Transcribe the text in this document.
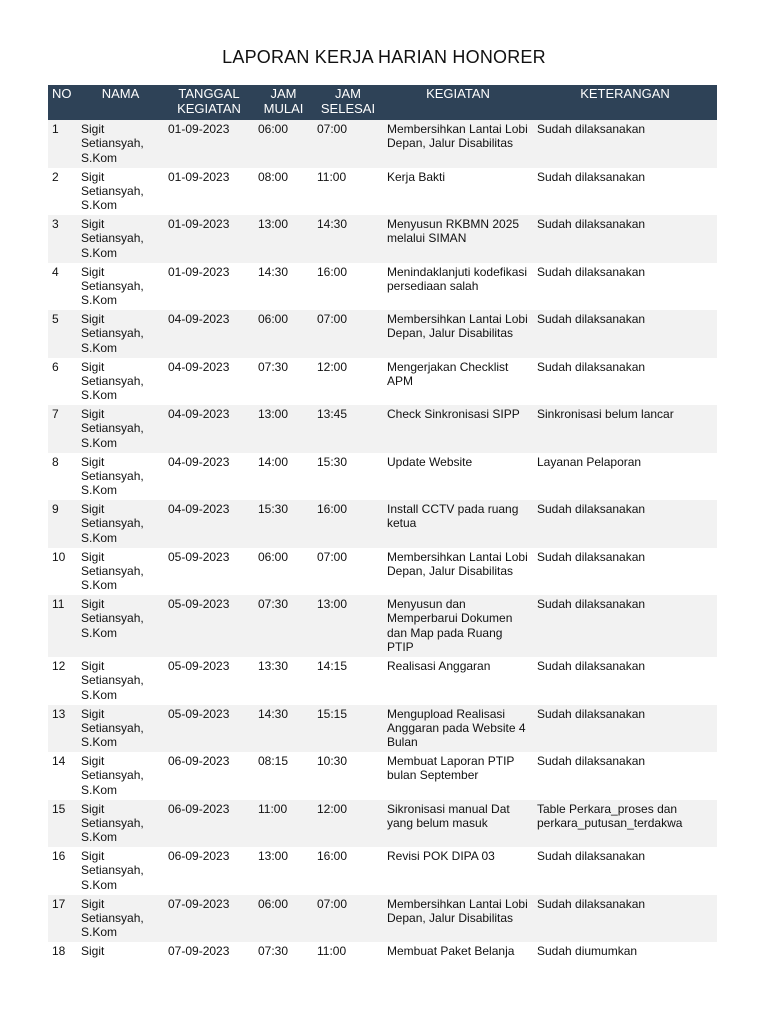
LAPORAN KERJA HARIAN HONORER
NO	NAMA	TANGGAL KEGIATAN	JAM MULAI	JAM SELESAI	KEGIATAN	KETERANGAN
1	Sigit Setiansyah, S.Kom	01-09-2023	06:00	07:00	Membersihkan Lantai Lobi Depan, Jalur Disabilitas	Sudah dilaksanakan
2	Sigit Setiansyah, S.Kom	01-09-2023	08:00	11:00	Kerja Bakti	Sudah dilaksanakan
3	Sigit Setiansyah, S.Kom	01-09-2023	13:00	14:30	Menyusun RKBMN 2025 melalui SIMAN	Sudah dilaksanakan
4	Sigit Setiansyah, S.Kom	01-09-2023	14:30	16:00	Menindaklanjuti kodefikasi persediaan salah	Sudah dilaksanakan
5	Sigit Setiansyah, S.Kom	04-09-2023	06:00	07:00	Membersihkan Lantai Lobi Depan, Jalur Disabilitas	Sudah dilaksanakan
6	Sigit Setiansyah, S.Kom	04-09-2023	07:30	12:00	Mengerjakan Checklist APM	Sudah dilaksanakan
7	Sigit Setiansyah, S.Kom	04-09-2023	13:00	13:45	Check Sinkronisasi SIPP	Sinkronisasi belum lancar
8	Sigit Setiansyah, S.Kom	04-09-2023	14:00	15:30	Update Website	Layanan Pelaporan
9	Sigit Setiansyah, S.Kom	04-09-2023	15:30	16:00	Install CCTV pada ruang ketua	Sudah dilaksanakan
10	Sigit Setiansyah, S.Kom	05-09-2023	06:00	07:00	Membersihkan Lantai Lobi Depan, Jalur Disabilitas	Sudah dilaksanakan
11	Sigit Setiansyah, S.Kom	05-09-2023	07:30	13:00	Menyusun dan Memperbarui Dokumen dan Map pada Ruang PTIP	Sudah dilaksanakan
12	Sigit Setiansyah, S.Kom	05-09-2023	13:30	14:15	Realisasi Anggaran	Sudah dilaksanakan
13	Sigit Setiansyah, S.Kom	05-09-2023	14:30	15:15	Mengupload Realisasi Anggaran pada Website 4 Bulan	Sudah dilaksanakan
14	Sigit Setiansyah, S.Kom	06-09-2023	08:15	10:30	Membuat Laporan PTIP bulan September	Sudah dilaksanakan
15	Sigit Setiansyah, S.Kom	06-09-2023	11:00	12:00	Sikronisasi manual Dat yang belum masuk	Table Perkara_proses dan perkara_putusan_terdakwa
16	Sigit Setiansyah, S.Kom	06-09-2023	13:00	16:00	Revisi POK DIPA 03	Sudah dilaksanakan
17	Sigit Setiansyah, S.Kom	07-09-2023	06:00	07:00	Membersihkan Lantai Lobi Depan, Jalur Disabilitas	Sudah dilaksanakan
18	Sigit	07-09-2023	07:30	11:00	Membuat Paket Belanja	Sudah diumumkan
